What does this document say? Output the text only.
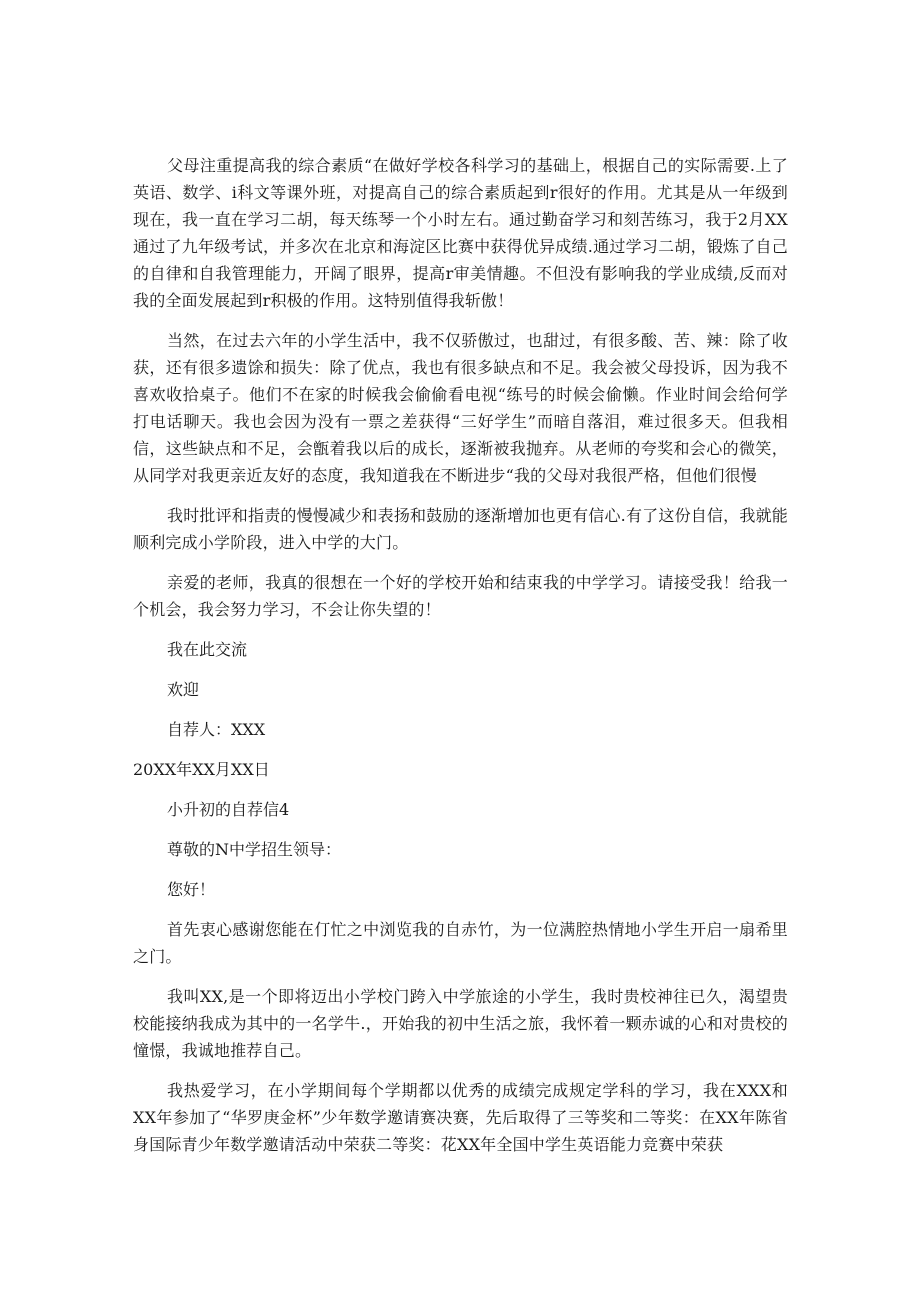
父母注重提高我的综合素质“在做好学校各科学习的基础上，根据自己的实际需要.上了英语、数学、i科文等课外班，对提高自己的综合素质起到r很好的作用。尤其是从一年级到现在，我一直在学习二胡，每天练琴一个小时左右。通过勤奋学习和刻苦练习，我于2月XX通过了九年级考试，并多次在北京和海淀区比赛中获得优异成绩.通过学习二胡，锻炼了自己的自律和自我管理能力，开阔了眼界，提高r审美情趣。不但没有影响我的学业成绩,反而对我的全面发展起到r积极的作用。这特别值得我斩傲！

当然，在过去六年的小学生活中，我不仅骄傲过，也甜过，有很多酸、苦、辣：除了收获，还有很多遗馀和损失：除了优点，我也有很多缺点和不足。我会被父母投诉，因为我不喜欢收拾桌子。他们不在家的时候我会偷偷看电视“练号的时候会偷懒。作业时间会给何学打电话聊天。我也会因为没有一票之差获得“三好学生”而暗自落泪，难过很多天。但我相信，这些缺点和不足，会甑着我以后的成长，逐渐被我抛弃。从老师的夸奖和会心的微笑，从同学对我更亲近友好的态度，我知道我在不断进步“我的父母对我很严格，但他们很慢

我时批评和指责的慢慢减少和表扬和鼓励的逐渐增加也更有信心.有了这份自信，我就能顺利完成小学阶段，进入中学的大门。

亲爱的老师，我真的很想在一个好的学校开始和结束我的中学学习。请接受我！给我一个机会，我会努力学习，不会让你失望的！

我在此交流

欢迎

自荐人：XXX

20XX年XX月XX日

小升初的自荐信4

尊敬的N中学招生领导：

您好！

首先衷心感谢您能在仃忙之中浏览我的自赤竹，为一位满腔热情地小学生开启一扇希里之门。

我叫XX,是一个即将迈出小学校门跨入中学旅途的小学生，我时贵校神往已久，渴望贵校能接纳我成为其中的一名学牛.，开始我的初中生活之旅，我怀着一颗赤诚的心和对贵校的憧憬，我诚地推荐自己。

我热爱学习，在小学期间每个学期都以优秀的成绩完成规定学科的学习，我在XXX和XX年参加了“华罗庚金杯”少年数学邀请赛决赛，先后取得了三等奖和二等奖：在XX年陈省身国际青少年数学邀请活动中荣获二等奖：花XX年全国中学生英语能力竞赛中荣获
